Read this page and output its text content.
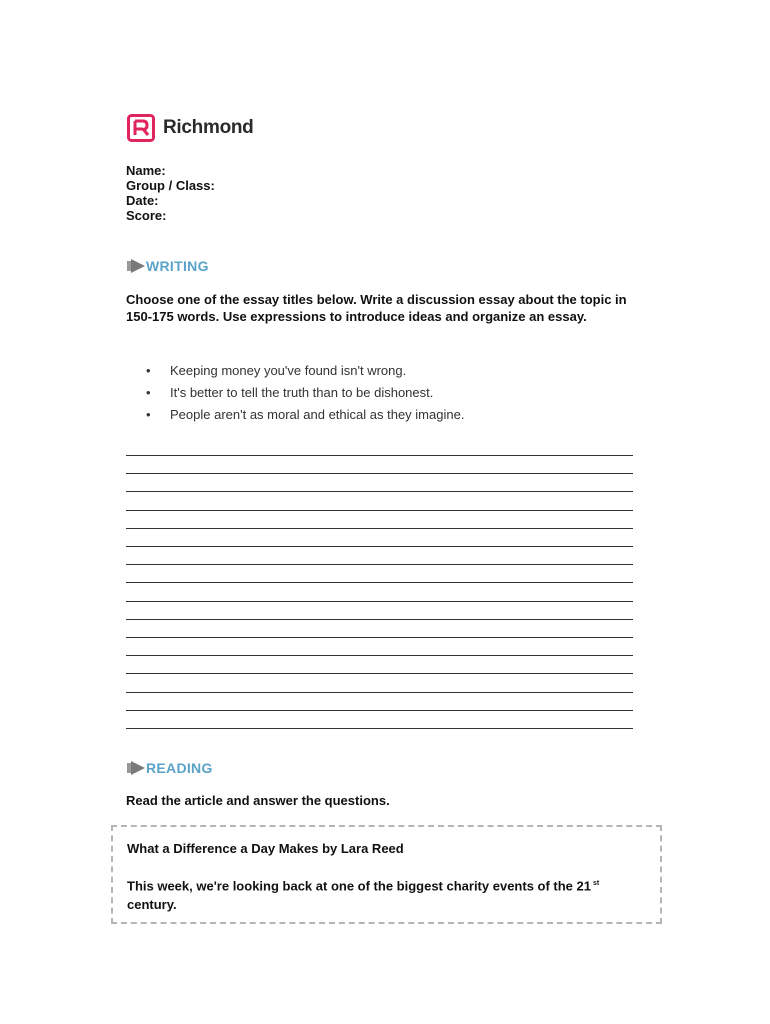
Richmond
Name:
Group / Class:
Date:
Score:
WRITING
Choose one of the essay titles below. Write a discussion essay about the topic in 150-175 words. Use expressions to introduce ideas and organize an essay.
• Keeping money you've found isn't wrong.
• It's better to tell the truth than to be dishonest.
• People aren't as moral and ethical as they imagine.
READING
Read the article and answer the questions.
What a Difference a Day Makes by Lara Reed
This week, we're looking back at one of the biggest charity events of the 21 $^{st}$
century.
